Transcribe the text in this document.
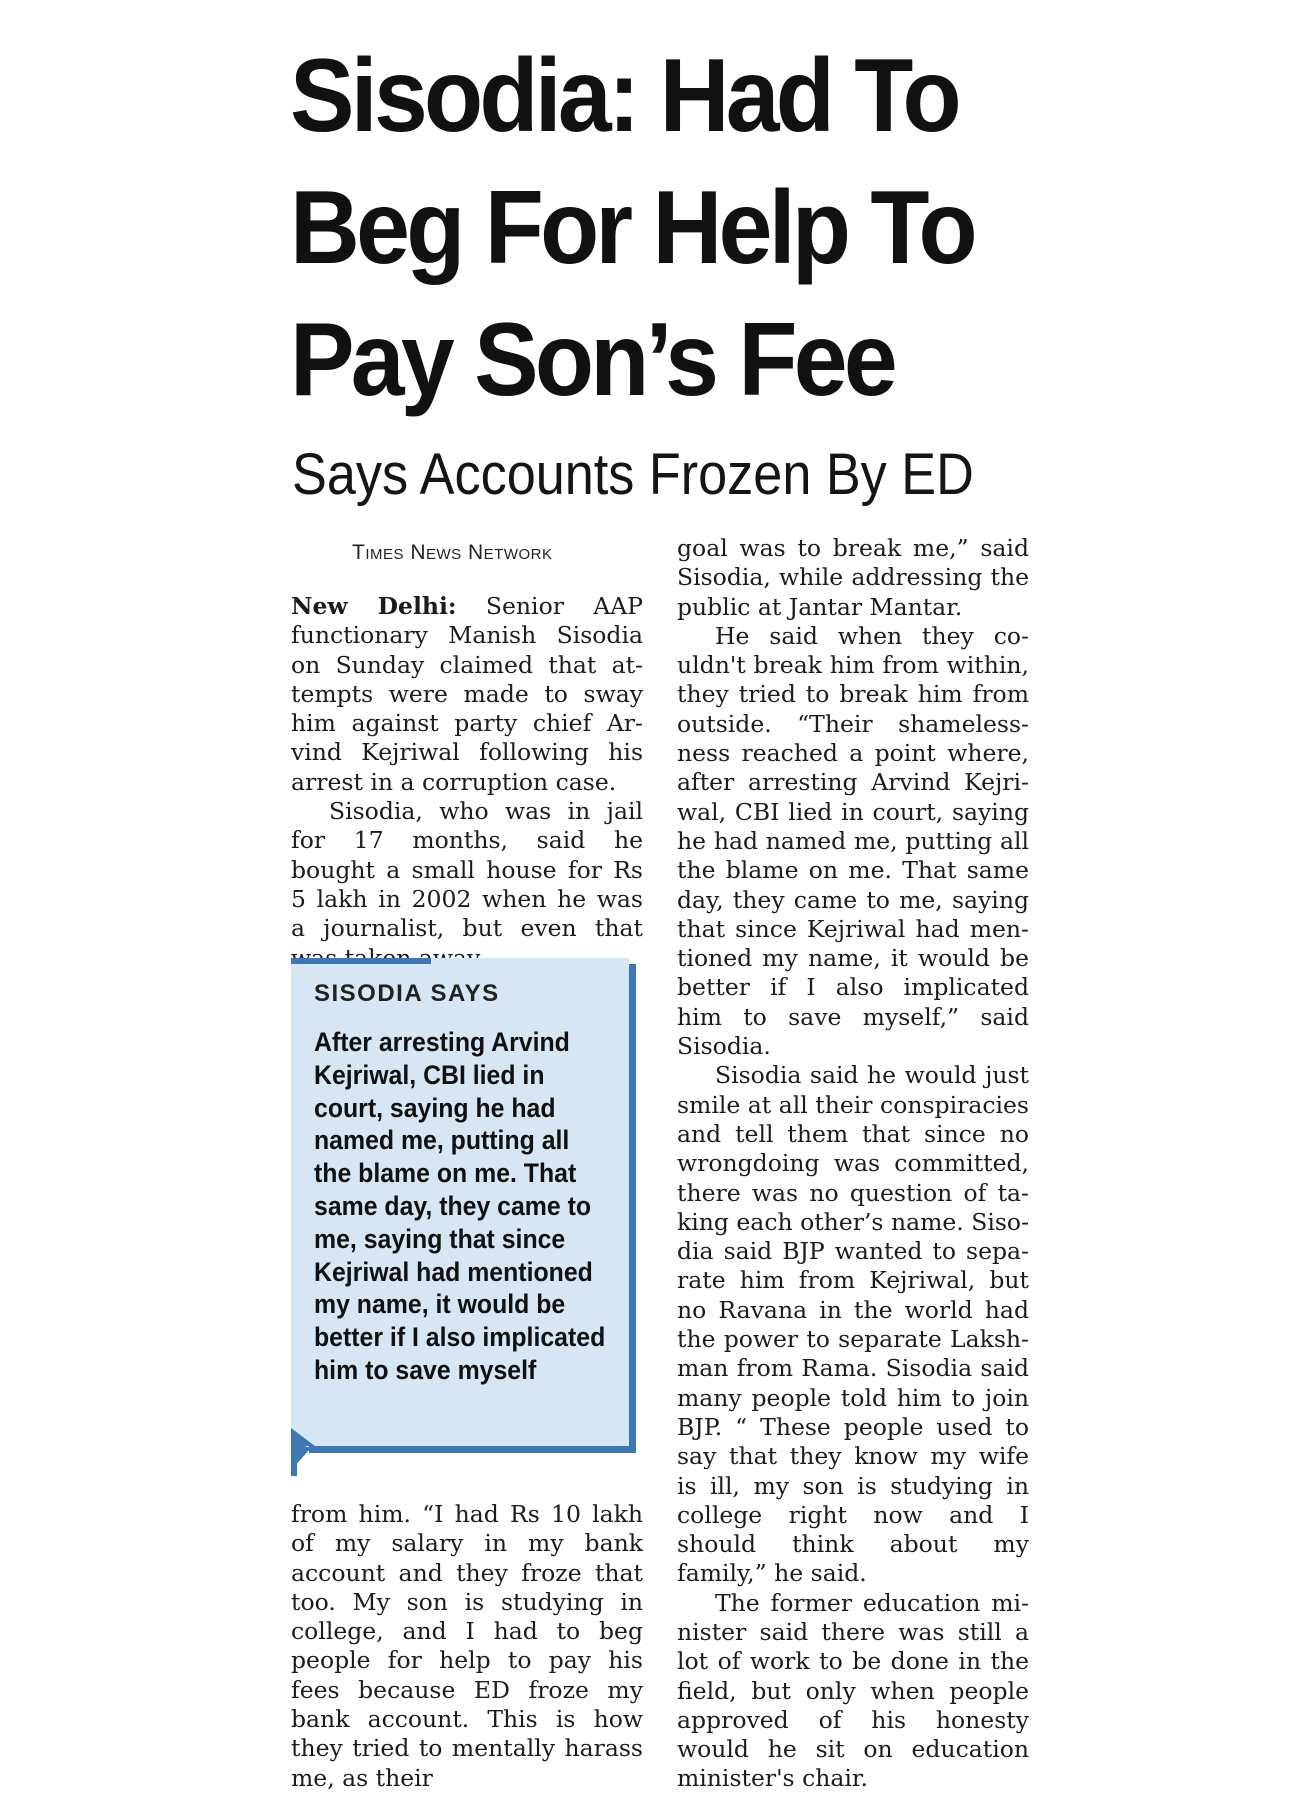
Sisodia: Had To
Beg For Help To
Pay Son’s Fee
Says Accounts Frozen By ED
Times News Network

New Delhi: Senior AAP functionary Manish Sisodia on Sunday claimed that attempts were made to sway him against party chief Arvind Kejriwal following his arrest in a corruption case.

Sisodia, who was in jail for 17 months, said he bought a small house for Rs 5 lakh in 2002 when he was a journalist, but even that

SISODIA SAYS
After arresting Arvind Kejriwal, CBI lied in court, saying he had named me, putting all the blame on me. That same day, they came to me, saying that since Kejriwal had mentioned my name, it would be better if I also implicated him to save myself

from him. “I had Rs 10 lakh of my salary in my bank account and they froze that too. My son is studying in college, and I had to beg people for help to pay his fees because ED froze my bank account. This is how they tried to mentally harass me, as their

goal was to break me,” said Sisodia, while addressing the public at Jantar Mantar.

He said when they couldn't break him from within, they tried to break him from outside. “Their shamelessness reached a point where, after arresting Arvind Kejriwal, CBI lied in court, saying he had named me, putting all the blame on me. That same day, they came to me, saying that since Kejriwal had mentioned my name, it would be better if I also implicated him to save myself,” said Sisodia.

Sisodia said he would just smile at all their conspiracies and tell them that since no wrongdoing was committed, there was no question of taking each other’s name. Sisodia said BJP wanted to separate him from Kejriwal, but no Ravana in the world had the power to separate Lakshman from Rama. Sisodia said many people told him to join BJP. “ These people used to say that they know my wife is ill, my son is studying in college right now and I should think about my family,” he said.

The former education minister said there was still a lot of work to be done in the field, but only when people approved of his honesty would he sit on education minister's chair.
